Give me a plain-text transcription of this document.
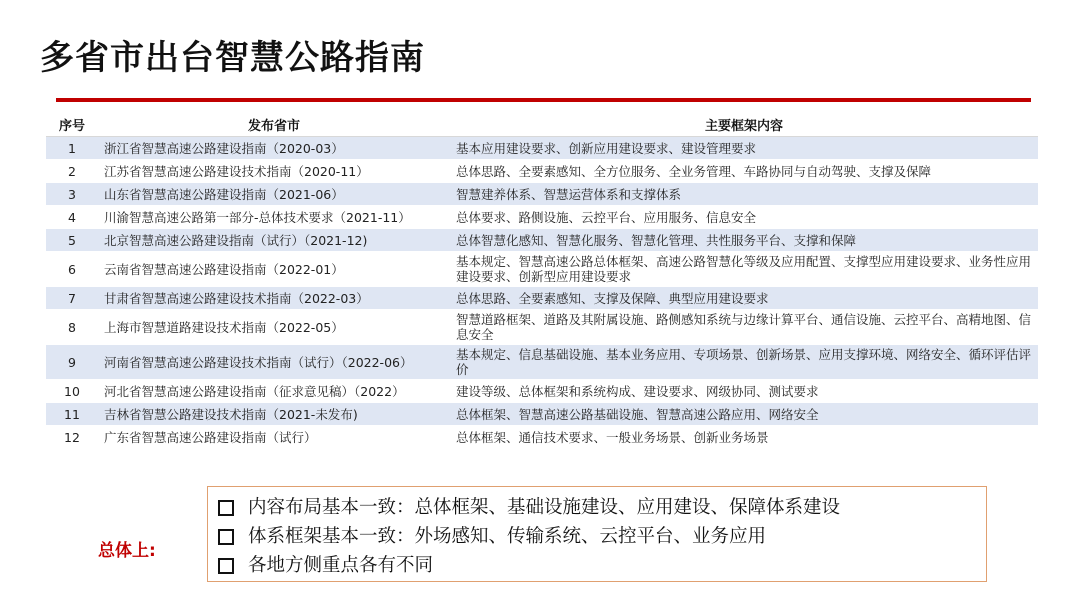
多省市出台智慧公路指南
序号	发布省市	主要框架内容
1	浙江省智慧高速公路建设指南（2020-03）	基本应用建设要求、创新应用建设要求、建设管理要求
2	江苏省智慧高速公路建设技术指南（2020-11）	总体思路、全要素感知、全方位服务、全业务管理、车路协同与自动驾驶、支撑及保障
3	山东省智慧高速公路建设指南（2021-06）	智慧建养体系、智慧运营体系和支撑体系
4	川渝智慧高速公路第一部分-总体技术要求（2021-11）	总体要求、路侧设施、云控平台、应用服务、信息安全
5	北京智慧高速公路建设指南（试行）（2021-12)	总体智慧化感知、智慧化服务、智慧化管理、共性服务平台、支撑和保障
6	云南省智慧高速公路建设指南（2022-01）	基本规定、智慧高速公路总体框架、高速公路智慧化等级及应用配置、支撑型应用建设要求、业务性应用建设要求、创新型应用建设要求
7	甘肃省智慧高速公路建设技术指南（2022-03）	总体思路、全要素感知、支撑及保障、典型应用建设要求
8	上海市智慧道路建设技术指南（2022-05）	智慧道路框架、道路及其附属设施、路侧感知系统与边缘计算平台、通信设施、云控平台、高精地图、信息安全
9	河南省智慧高速公路建设技术指南（试行）（2022-06）	基本规定、信息基础设施、基本业务应用、专项场景、创新场景、应用支撑环境、网络安全、循环评估评价
10	河北省智慧高速公路建设指南（征求意见稿）（2022）	建设等级、总体框架和系统构成、建设要求、网级协同、测试要求
11	吉林省智慧公路建设技术指南（2021-未发布)	总体框架、智慧高速公路基础设施、智慧高速公路应用、网络安全
12	广东省智慧高速公路建设指南（试行）	总体框架、通信技术要求、一般业务场景、创新业务场景
总体上:
内容布局基本一致：总体框架、基础设施建设、应用建设、保障体系建设
体系框架基本一致：外场感知、传输系统、云控平台、业务应用
各地方侧重点各有不同
